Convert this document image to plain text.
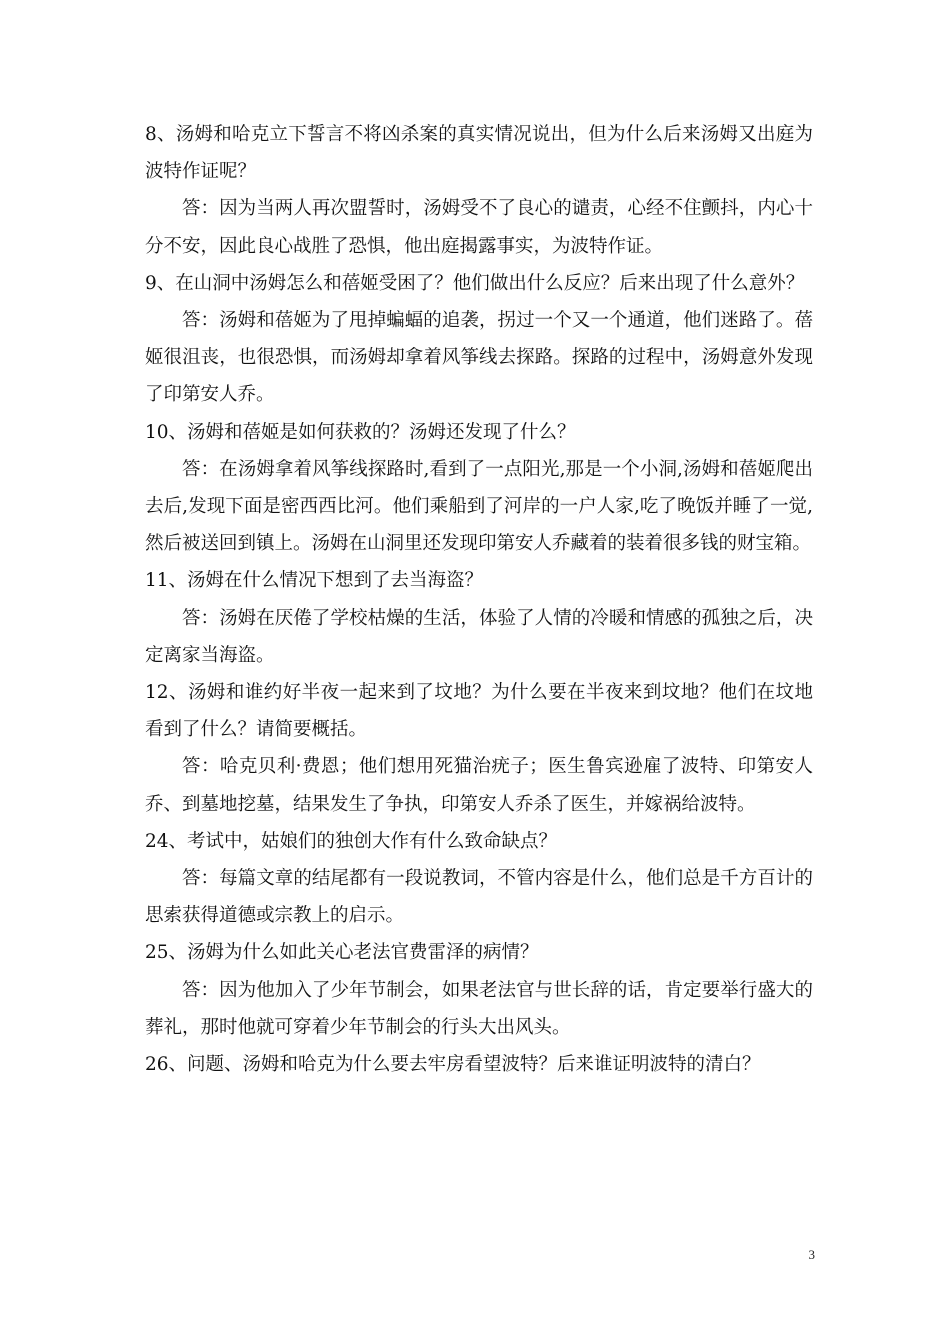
8、汤姆和哈克立下誓言不将凶杀案的真实情况说出，但为什么后来汤姆又出庭为波特作证呢？

答：因为当两人再次盟誓时，汤姆受不了良心的谴责，心经不住颤抖，内心十分不安，因此良心战胜了恐惧，他出庭揭露事实，为波特作证。

9、在山洞中汤姆怎么和蓓姬受困了？他们做出什么反应？后来出现了什么意外？

答：汤姆和蓓姬为了甩掉蝙蝠的追袭，拐过一个又一个通道，他们迷路了。蓓姬很沮丧，也很恐惧，而汤姆却拿着风筝线去探路。探路的过程中，汤姆意外发现了印第安人乔。

10、汤姆和蓓姬是如何获救的？汤姆还发现了什么？

答：在汤姆拿着风筝线探路时,看到了一点阳光,那是一个小洞,汤姆和蓓姬爬出去后,发现下面是密西西比河。他们乘船到了河岸的一户人家,吃了晚饭并睡了一觉,然后被送回到镇上。汤姆在山洞里还发现印第安人乔藏着的装着很多钱的财宝箱。

11、汤姆在什么情况下想到了去当海盗？

答：汤姆在厌倦了学校枯燥的生活，体验了人情的冷暖和情感的孤独之后，决定离家当海盗。

12、汤姆和谁约好半夜一起来到了坟地？为什么要在半夜来到坟地？他们在坟地看到了什么？请简要概括。

答：哈克贝利·费恩；他们想用死猫治疣子；医生鲁宾逊雇了波特、印第安人乔、到墓地挖墓，结果发生了争执，印第安人乔杀了医生，并嫁祸给波特。

24、考试中，姑娘们的独创大作有什么致命缺点？

答：每篇文章的结尾都有一段说教词，不管内容是什么，他们总是千方百计的思索获得道德或宗教上的启示。

25、汤姆为什么如此关心老法官费雷泽的病情？

答：因为他加入了少年节制会，如果老法官与世长辞的话，肯定要举行盛大的葬礼，那时他就可穿着少年节制会的行头大出风头。

26、问题、汤姆和哈克为什么要去牢房看望波特？后来谁证明波特的清白？

3
